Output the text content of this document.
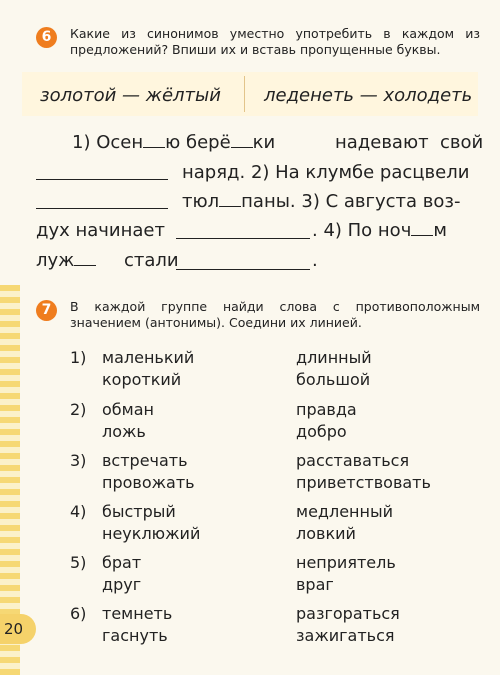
20
6	Какие из синонимов уместно употребить в каждом из предложений? Впиши их и вставь пропущенные буквы.
золотой — жёлтый леденеть — холодеть
1) Осен ю берё ки	надевают свой
наряд. 2) На клумбе расцвели
тюл паны. 3) С августа воз-
дух начинает	. 4) По ноч м
луж	стали	.
7	В каждой группе найди слова с противоположным значением (антонимы). Соедини их линией.
1) маленький
короткий
длинный
большой
2) обман
ложь
правда
добро
3) встречать
провожать
расставаться
приветствовать
4) быстрый
неуклюжий
медленный
ловкий
5) брат
друг
неприятель
враг
6) темнеть
гаснуть
разгораться
зажигаться
